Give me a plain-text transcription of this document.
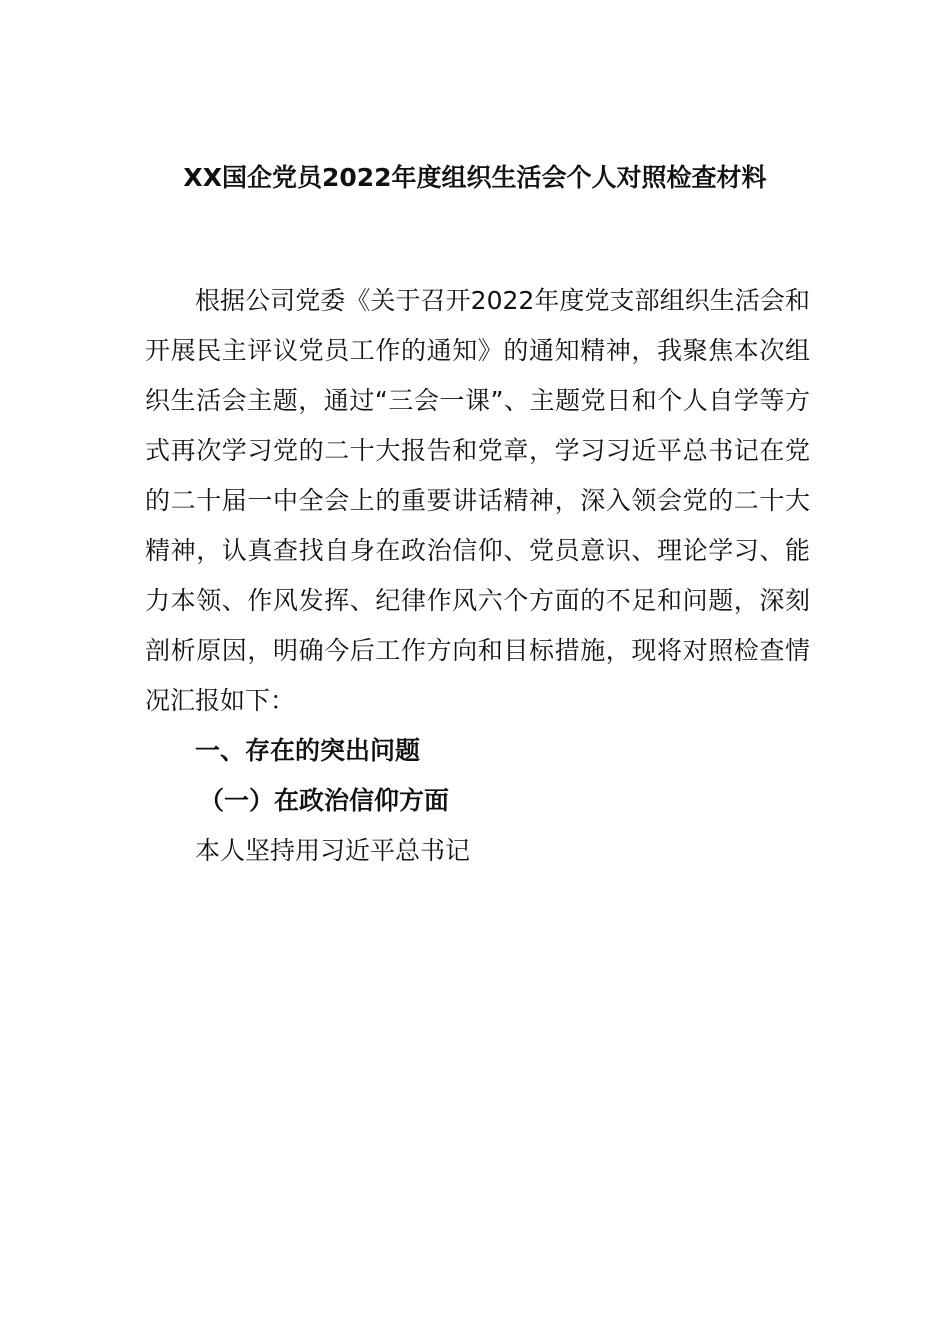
XX国企党员2022年度组织生活会个人对照检查材料

根据公司党委《关于召开2022年度党支部组织生活会和开展民主评议党员工作的通知》的通知精神，我聚焦本次组织生活会主题，通过“三会一课”、主题党日和个人自学等方式再次学习党的二十大报告和党章，学习习近平总书记在党的二十届一中全会上的重要讲话精神，深入领会党的二十大精神，认真查找自身在政治信仰、党员意识、理论学习、能力本领、作风发挥、纪律作风六个方面的不足和问题，深刻剖析原因，明确今后工作方向和目标措施，现将对照检查情况汇报如下：

一、存在的突出问题

（一）在政治信仰方面

本人坚持用习近平总书记
